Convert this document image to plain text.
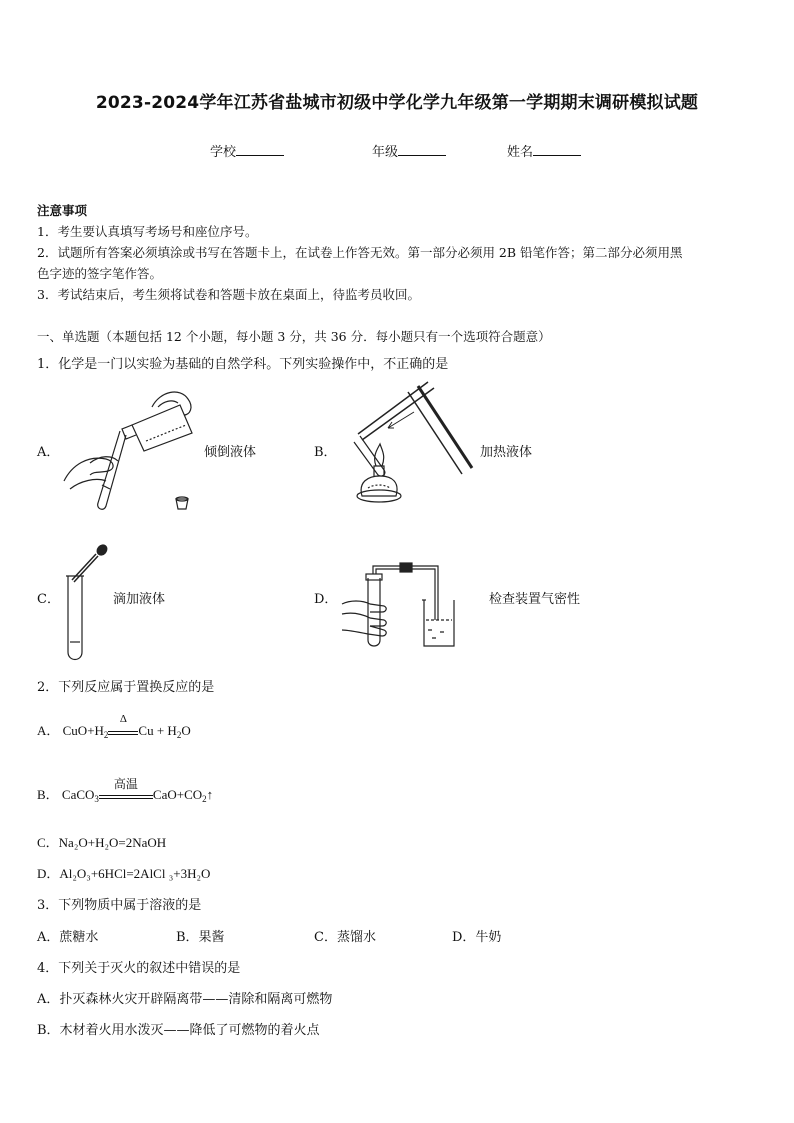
2023-2024学年江苏省盐城市初级中学化学九年级第一学期期末调研模拟试题
学校	年级	姓名
注意事项
1．考生要认真填写考场号和座位序号。
2．试题所有答案必须填涂或书写在答题卡上，在试卷上作答无效。第一部分必须用 2B 铅笔作答；第二部分必须用黑
色字迹的签字笔作答。
3．考试结束后，考生须将试卷和答题卡放在桌面上，待监考员收回。
一、单选题（本题包括 12 个小题，每小题 3 分，共 36 分．每小题只有一个选项符合题意）
1．化学是一门以实验为基础的自然学科。下列实验操作中，不正确的是
A．	倾倒液体	B．	加热液体
C．	滴加液体	D．	检查装置气密性
2．下列反应属于置换反应的是
A． $CuO+H_2$
Δ
$Cu + H_2O$
B． CaCO$_3$
高温
$CaO+CO_2↑$
C．Na₂O+H₂O=2NaOH
D．Al₂O₃+6HCl=2AlCl ₃+3H₂O
3．下列物质中属于溶液的是
A．蔗糖水	B．果酱	C．蒸馏水	D．牛奶
4．下列关于灭火的叙述中错误的是
A．扑灭森林火灾开辟隔离带——清除和隔离可燃物
B．木材着火用水泼灭——降低了可燃物的着火点
